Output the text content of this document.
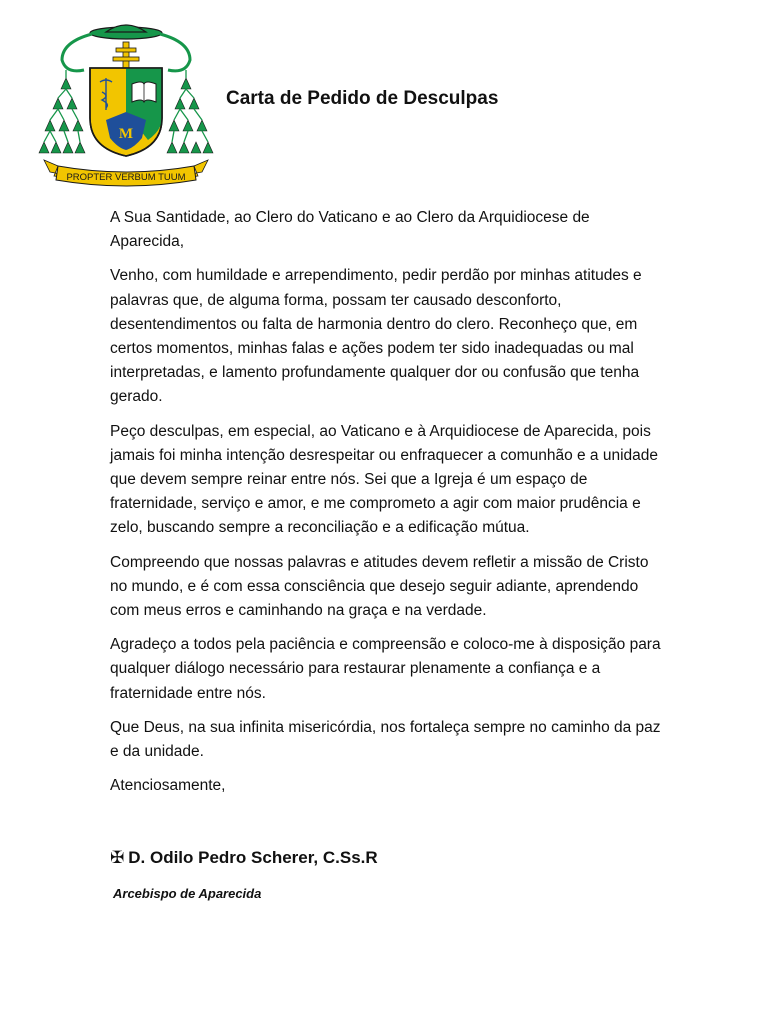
M
PROPTER VERBUM TUUM
Carta de Pedido de Desculpas

A Sua Santidade, ao Clero do Vaticano e ao Clero da Arquidiocese de Aparecida,

Venho, com humildade e arrependimento, pedir perdão por minhas atitudes e palavras que, de alguma forma, possam ter causado desconforto, desentendimentos ou falta de harmonia dentro do clero. Reconheço que, em certos momentos, minhas falas e ações podem ter sido inadequadas ou mal interpretadas, e lamento profundamente qualquer dor ou confusão que tenha gerado.

Peço desculpas, em especial, ao Vaticano e à Arquidiocese de Aparecida, pois jamais foi minha intenção desrespeitar ou enfraquecer a comunhão e a unidade que devem sempre reinar entre nós. Sei que a Igreja é um espaço de fraternidade, serviço e amor, e me comprometo a agir com maior prudência e zelo, buscando sempre a reconciliação e a edificação mútua.

Compreendo que nossas palavras e atitudes devem refletir a missão de Cristo no mundo, e é com essa consciência que desejo seguir adiante, aprendendo com meus erros e caminhando na graça e na verdade.

Agradeço a todos pela paciência e compreensão e coloco-me à disposição para qualquer diálogo necessário para restaurar plenamente a confiança e a fraternidade entre nós.

Que Deus, na sua infinita misericórdia, nos fortaleça sempre no caminho da paz e da unidade.

Atenciosamente,

✠ D. Odilo Pedro Scherer, C.Ss.R
Arcebispo de Aparecida
